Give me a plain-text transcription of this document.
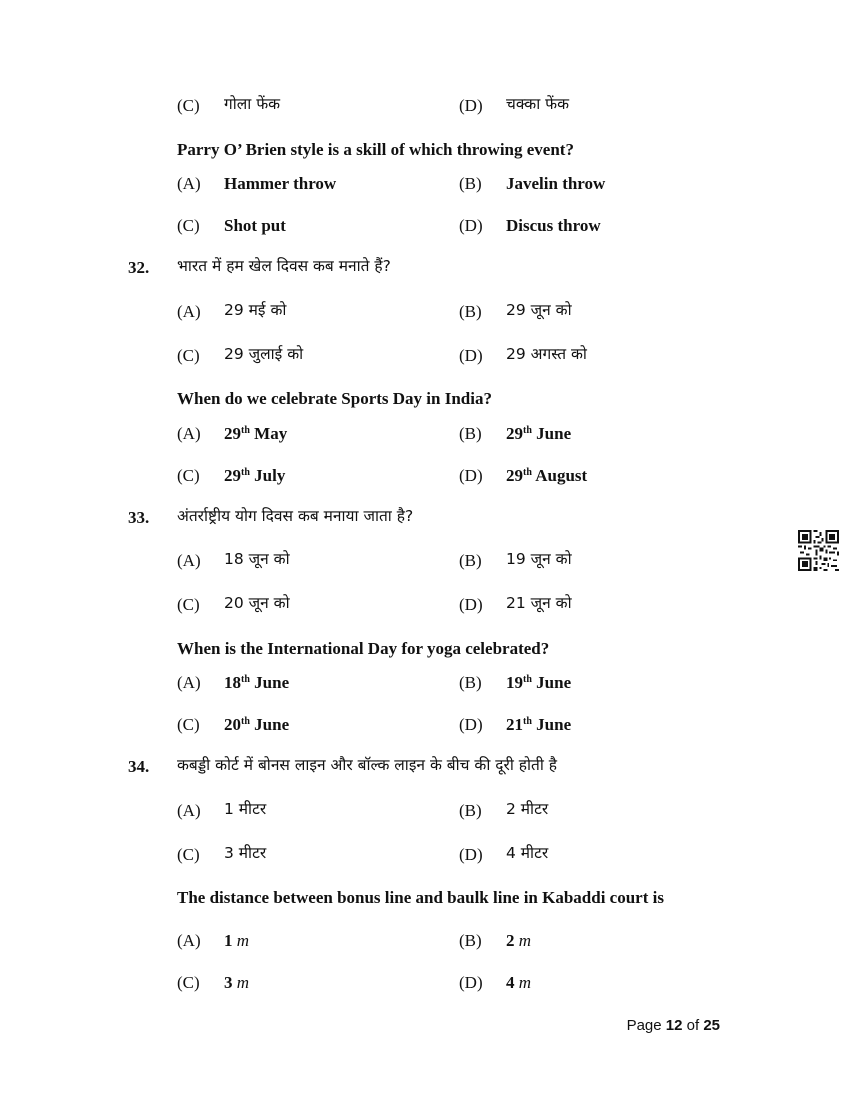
(C) गोला फेंक	(D) चक्का फेंक
Parry O’ Brien style is a skill of which throwing event?
(A) Hammer throw	(B) Javelin throw
(C) Shot put	(D) Discus throw
32. भारत में हम खेल दिवस कब मनाते हैं?
(A) 29 मई को	(B) 29 जून को
(C) 29 जुलाई को	(D) 29 अगस्त को
When do we celebrate Sports Day in India?
(A) 29th May	(B) 29th June
(C) 29th July	(D) 29th August
33. अंतर्राष्ट्रीय योग दिवस कब मनाया जाता है?
(A) 18 जून को	(B) 19 जून को
(C) 20 जून को	(D) 21 जून को
When is the International Day for yoga celebrated?
(A) 18th June	(B) 19th June
(C) 20th June	(D) 21th June
34. कबड्डी कोर्ट में बोनस लाइन और बॉल्क लाइन के बीच की दूरी होती है
(A) 1 मीटर	(B) 2 मीटर
(C) 3 मीटर	(D) 4 मीटर
The distance between bonus line and baulk line in Kabaddi court is
(A) 1 m	(B) 2 m
(C) 3 m	(D) 4 m
Page 12 of 25
